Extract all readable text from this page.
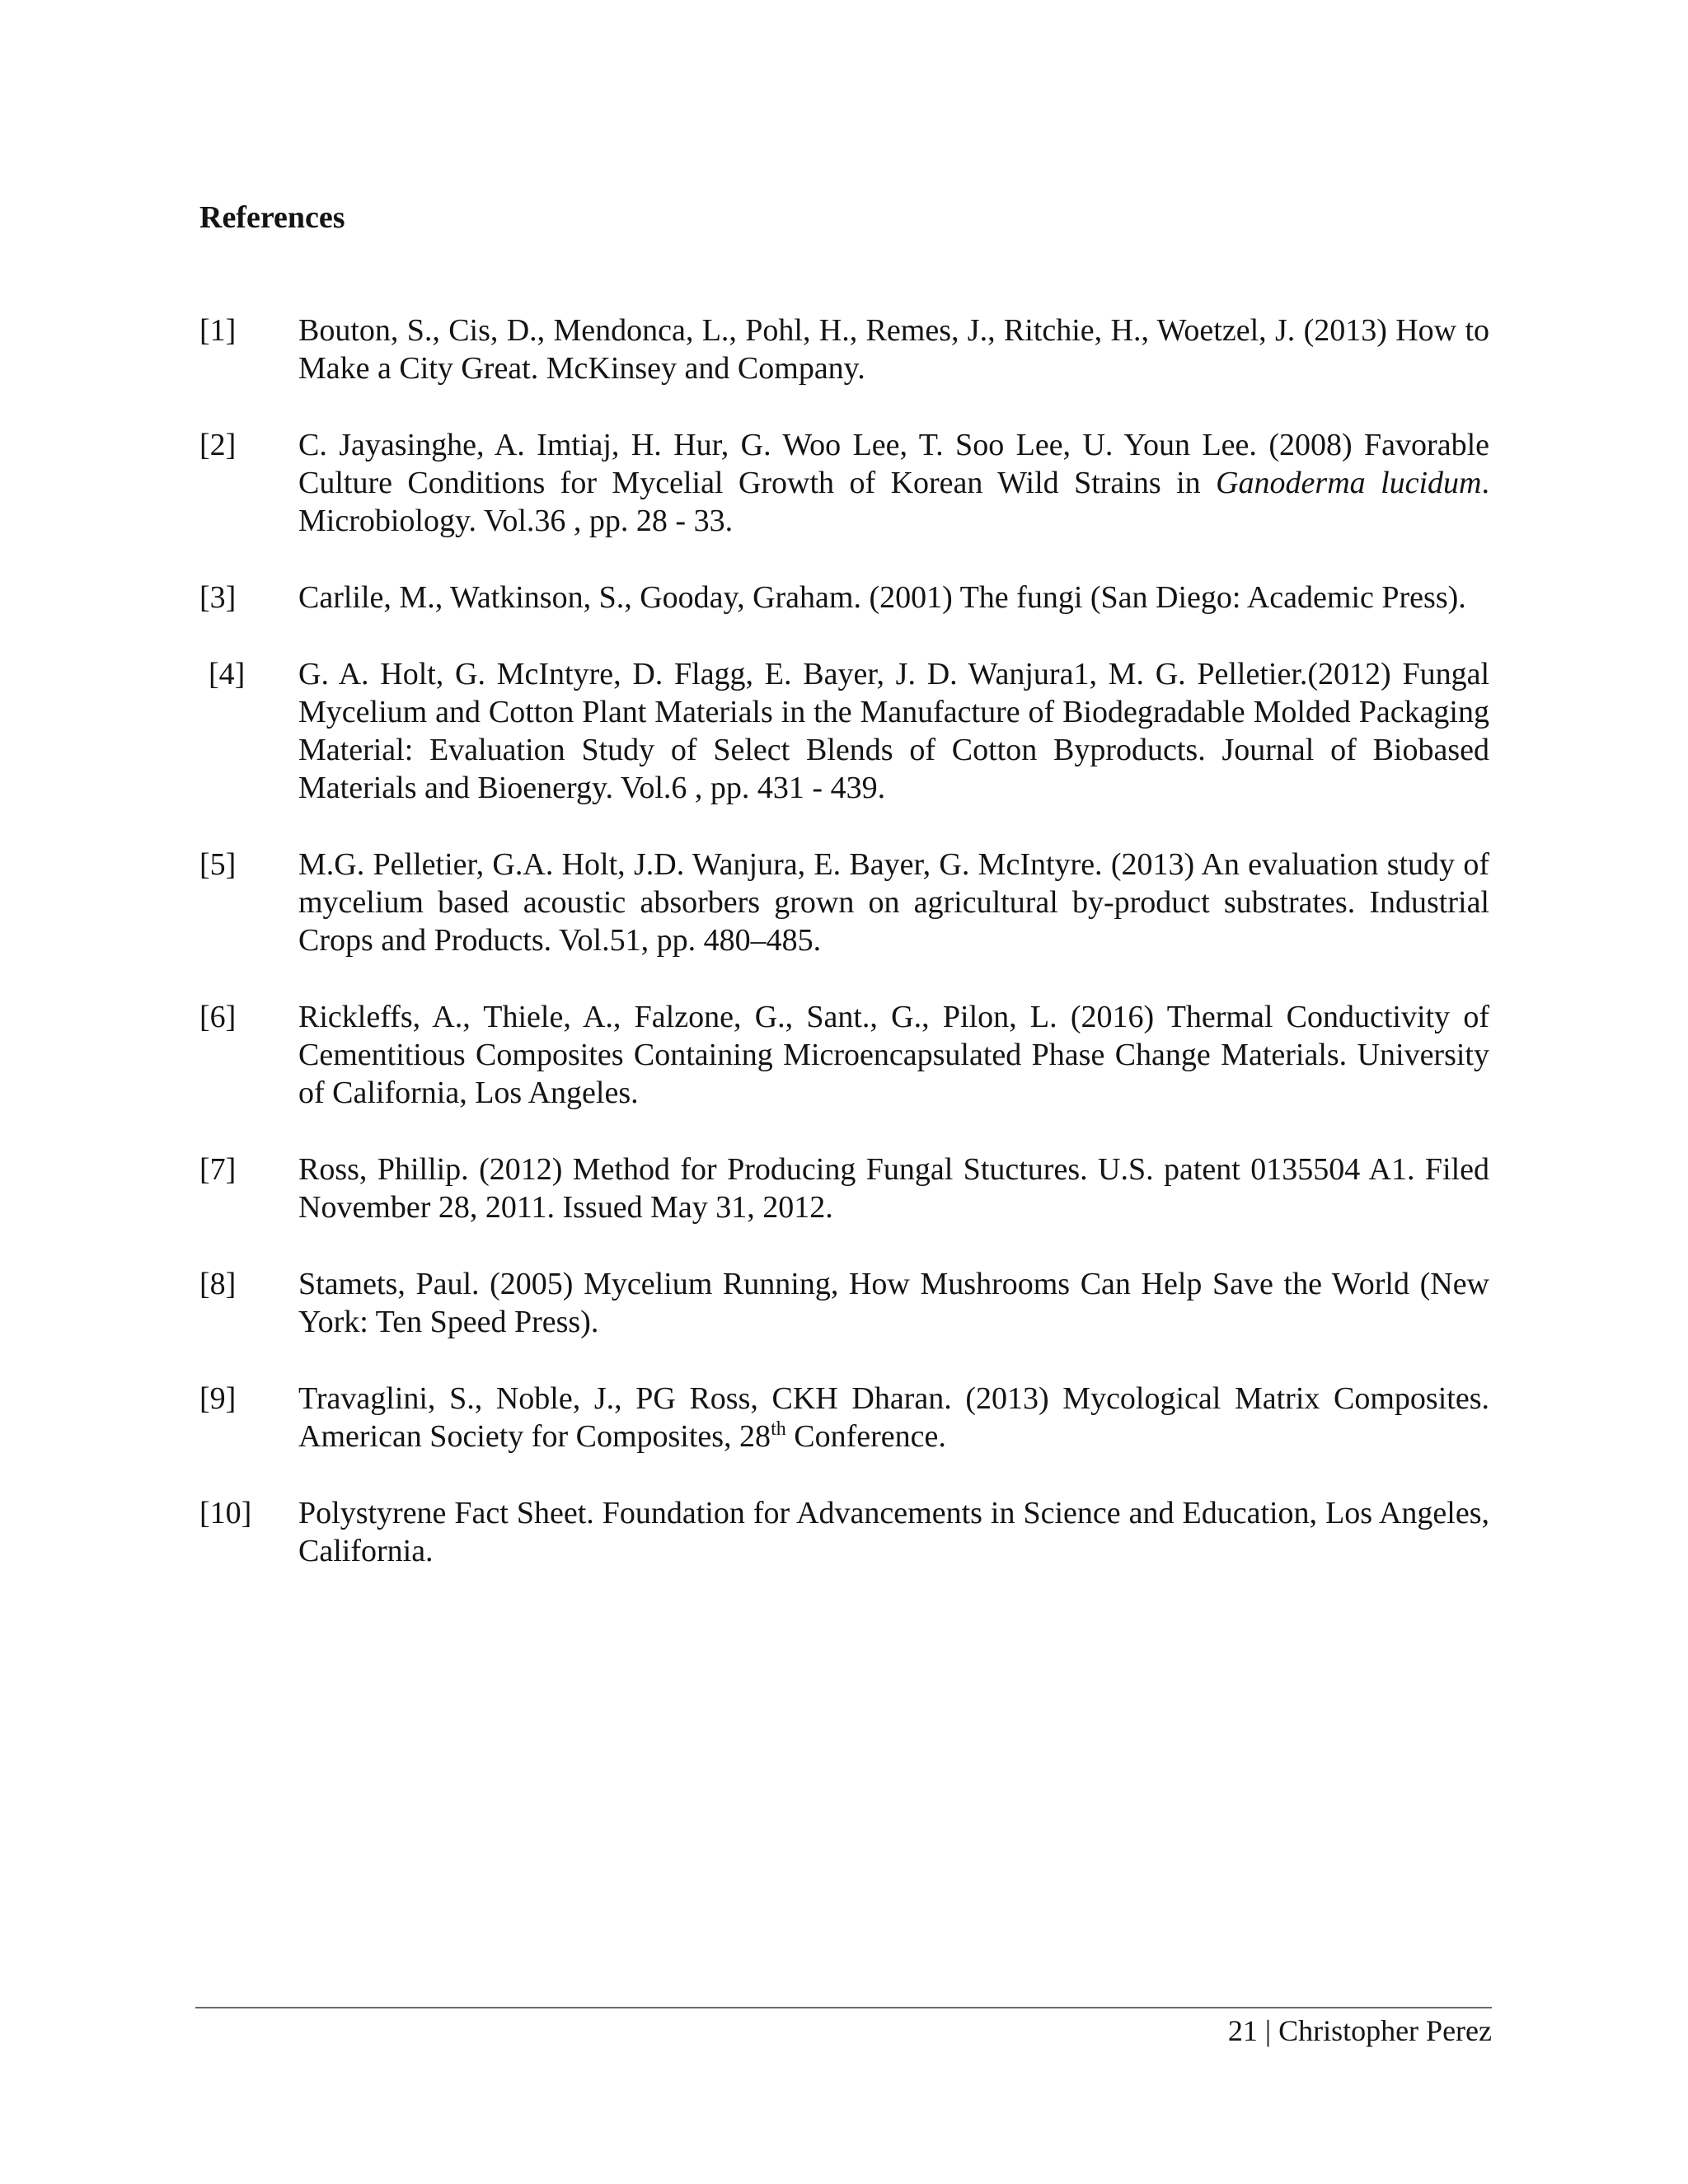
References
[1]	Bouton, S., Cis, D., Mendonca, L., Pohl, H., Remes, J., Ritchie, H., Woetzel, J. (2013) How to Make a City Great. McKinsey and Company.
[2]	C. Jayasinghe, A. Imtiaj, H. Hur, G. Woo Lee, T. Soo Lee, U. Youn Lee. (2008) Favorable Culture Conditions for Mycelial Growth of Korean Wild Strains in Ganoderma lucidum. Microbiology. Vol.36 , pp. 28 - 33.
[3]	Carlile, M., Watkinson, S., Gooday, Graham. (2001) The fungi (San Diego: Academic Press).
[4]	G. A. Holt, G. McIntyre, D. Flagg, E. Bayer, J. D. Wanjura1, M. G. Pelletier.(2012) Fungal Mycelium and Cotton Plant Materials in the Manufacture of Biodegradable Molded Packaging Material: Evaluation Study of Select Blends of Cotton Byproducts. Journal of Biobased Materials and Bioenergy. Vol.6 , pp. 431 - 439.
[5]	M.G. Pelletier, G.A. Holt, J.D. Wanjura, E. Bayer, G. McIntyre. (2013) An evaluation study of mycelium based acoustic absorbers grown on agricultural by-product substrates. Industrial Crops and Products. Vol.51, pp. 480–485.
[6]	Rickleffs, A., Thiele, A., Falzone, G., Sant., G., Pilon, L. (2016) Thermal Conductivity of Cementitious Composites Containing Microencapsulated Phase Change Materials. University of California, Los Angeles.
[7]	Ross, Phillip. (2012) Method for Producing Fungal Stuctures. U.S. patent 0135504 A1. Filed November 28, 2011. Issued May 31, 2012.
[8]	Stamets, Paul. (2005) Mycelium Running, How Mushrooms Can Help Save the World (New York: Ten Speed Press).
[9]	Travaglini, S., Noble, J., PG Ross, CKH Dharan. (2013) Mycological Matrix Composites. American Society for Composites, 28th Conference.
[10]	Polystyrene Fact Sheet. Foundation for Advancements in Science and Education, Los Angeles, California.
21 | Christopher Perez
